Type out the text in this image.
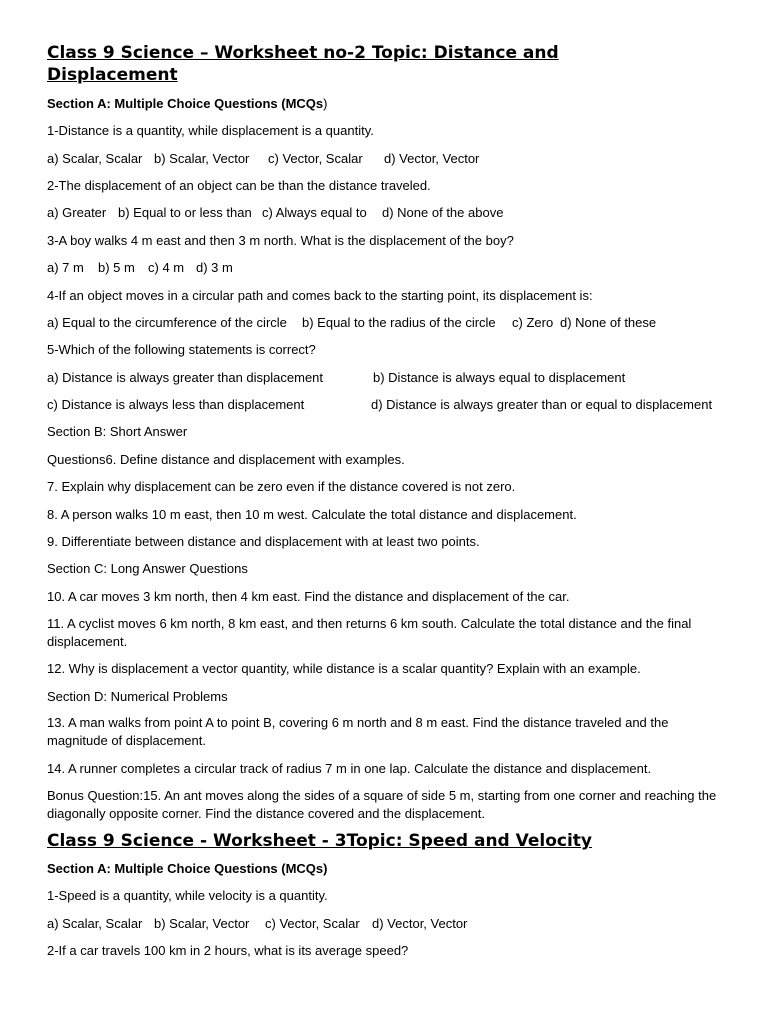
Class 9 Science – Worksheet no-2 Topic: Distance and
Displacement
Section A: Multiple Choice Questions (MCQs)
1-Distance is a quantity, while displacement is a quantity.
a) Scalar, Scalar b) Scalar, Vector c) Vector, Scalar d) Vector, Vector
2-The displacement of an object can be than the distance traveled.
a) Greater b) Equal to or less than c) Always equal to d) None of the above
3-A boy walks 4 m east and then 3 m north. What is the displacement of the boy?
a) 7 m b) 5 m c) 4 m d) 3 m
4-If an object moves in a circular path and comes back to the starting point, its displacement is:
a) Equal to the circumference of the circle b) Equal to the radius of the circle c) Zero d) None of these
5-Which of the following statements is correct?
a) Distance is always greater than displacement	b) Distance is always equal to displacement
c) Distance is always less than displacement	d) Distance is always greater than or equal to displacement
Section B: Short Answer
Questions6. Define distance and displacement with examples.
7. Explain why displacement can be zero even if the distance covered is not zero.
8. A person walks 10 m east, then 10 m west. Calculate the total distance and displacement.
9. Differentiate between distance and displacement with at least two points.
Section C: Long Answer Questions
10. A car moves 3 km north, then 4 km east. Find the distance and displacement of the car.
11. A cyclist moves 6 km north, 8 km east, and then returns 6 km south. Calculate the total distance and the final
displacement.
12. Why is displacement a vector quantity, while distance is a scalar quantity? Explain with an example.
Section D: Numerical Problems
13. A man walks from point A to point B, covering 6 m north and 8 m east. Find the distance traveled and the
magnitude of displacement.
14. A runner completes a circular track of radius 7 m in one lap. Calculate the distance and displacement.
Bonus Question:15. An ant moves along the sides of a square of side 5 m, starting from one corner and reaching the
diagonally opposite corner. Find the distance covered and the displacement.
Class 9 Science - Worksheet - 3Topic: Speed and Velocity
Section A: Multiple Choice Questions (MCQs)
1-Speed is a quantity, while velocity is a quantity.
a) Scalar, Scalar b) Scalar, Vector c) Vector, Scalar d) Vector, Vector
2-If a car travels 100 km in 2 hours, what is its average speed?
